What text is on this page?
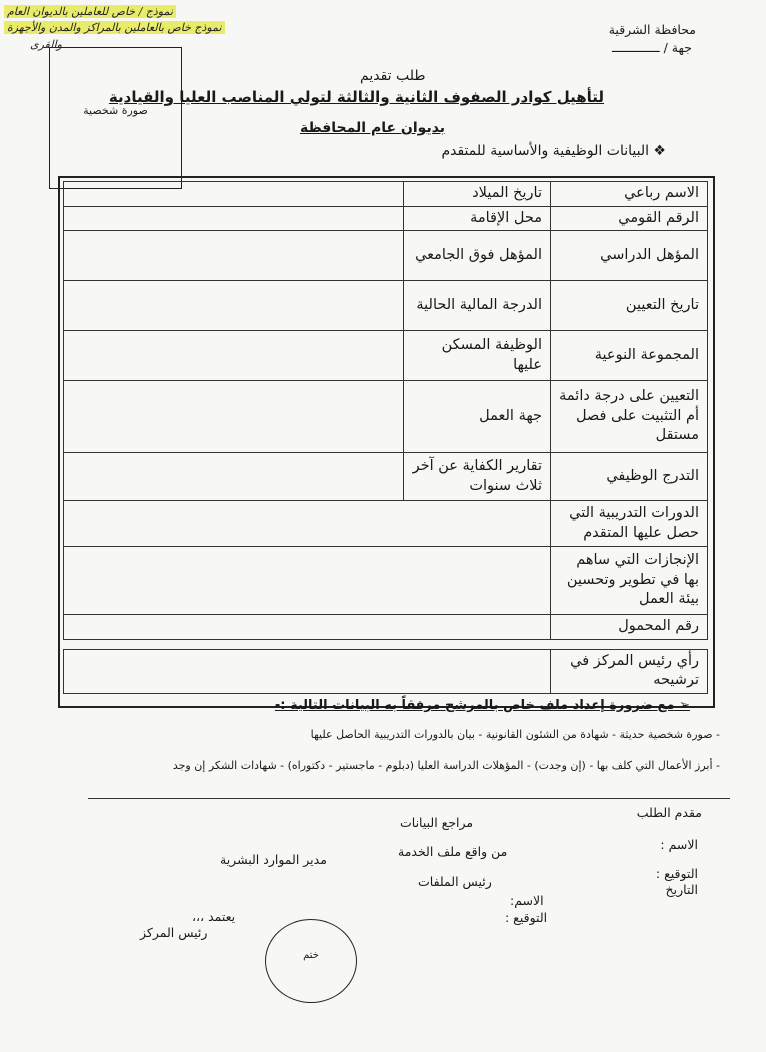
نموذج / خاص للعاملين بالديوان العام
نموذج خاص بالعاملين بالمراكز والمدن والأجهزة
والقرى
محافظة الشرقية
جهة / ـــــــــــــ
صورة شخصية
طلب تقديم
لتأهيل كوادر الصفوف الثانية والثالثة لتولي المناصب العليا والقيادية
بديوان عام المحافظة
❖ البيانات الوظيفية والأساسية للمتقدم
الاسم رباعي	تاريخ الميلاد	
الرقم القومي	محل الإقامة	
المؤهل الدراسي	المؤهل فوق الجامعي	
تاريخ التعيين	الدرجة المالية الحالية	
المجموعة النوعية	الوظيفة المسكن عليها	
التعيين على درجة دائمة أم التثبيت على فصل مستقل	جهة العمل	
التدرج الوظيفي	تقارير الكفاية عن آخر ثلاث سنوات	
الدورات التدريبية التي حصل عليها المتقدم		
الإنجازات التي ساهم بها في تطوير وتحسين بيئة العمل		
رقم المحمول		

رأي رئيس المركز في ترشيحه		
➢ مع ضرورة إعداد ملف خاص بالمرشح مرفقاً به البيانات التالية :-
- صورة شخصية حديثة - شهادة من الشئون القانونية - بيان بالدورات التدريبية الحاصل عليها
- أبرز الأعمال التي كلف بها - (إن وجدت) - المؤهلات الدراسة العليا (دبلوم - ماجستير - دكتوراه) - شهادات الشكر إن وجد
مقدم الطلب
الاسم :
التوقيع :
التاريخ
مراجع البيانات
من واقع ملف الخدمة
رئيس الملفات
الاسم:
التوقيع :
مدير الموارد البشرية
يعتمد ،،،
رئيس المركز
ختم
